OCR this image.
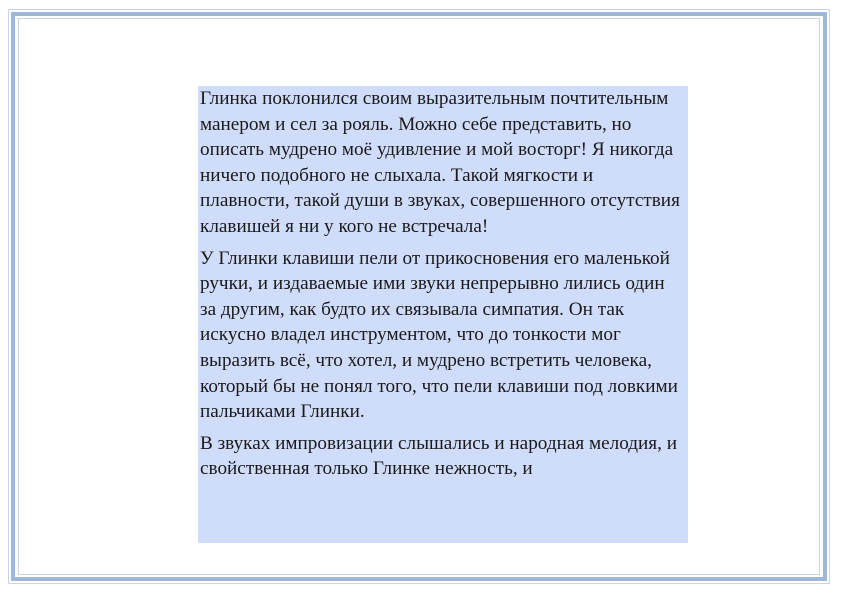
Глинка поклонился своим выразительным почтительным манером и сел за рояль. Можно себе представить, но описать мудрено моё удивление и мой восторг! Я никогда ничего подобного не слыхала. Такой мягкости и плавности, такой души в звуках, совершенного отсутствия клавишей я ни у кого не встречала!

У Глинки клавиши пели от прикосновения его маленькой ручки, и издаваемые ими звуки непрерывно лились один за другим, как будто их связывала симпатия. Он так искусно владел инструментом, что до тонкости мог выразить всё, что хотел, и мудрено встретить человека, который бы не понял того, что пели клавиши под ловкими пальчиками Глинки.

В звуках импровизации слышались и народная мелодия, и свойственная только Глинке нежность, и
